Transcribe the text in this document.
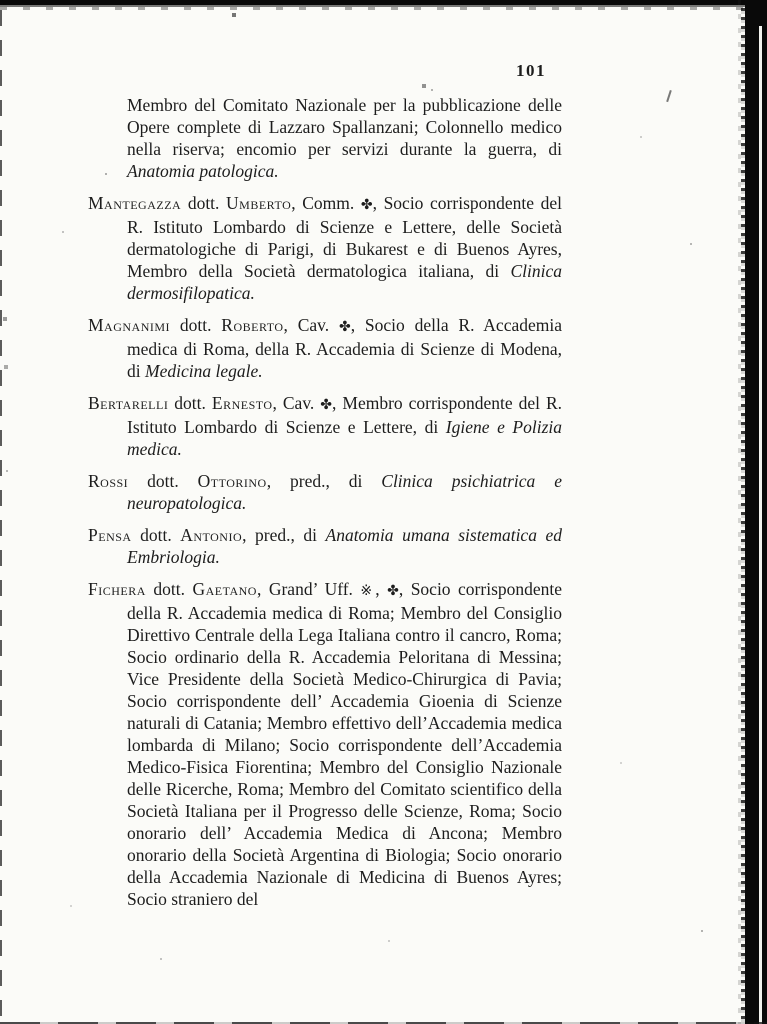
101

Membro del Comitato Nazionale per la pubblicazione delle Opere complete di Lazzaro Spallanzani; Colonnello medico nella riserva; encomio per servizi durante la guerra, di Anatomia patologica.

Mantegazza dott. Umberto, Comm. ✤, Socio corrispondente del R. Istituto Lombardo di Scienze e Lettere, delle Società dermatologiche di Parigi, di Bukarest e di Buenos Ayres, Membro della Società dermatologica italiana, di Clinica dermosifilopatica.

Magnanimi dott. Roberto, Cav. ✤, Socio della R. Accademia medica di Roma, della R. Accademia di Scienze di Modena, di Medicina legale.

Bertarelli dott. Ernesto, Cav. ✤, Membro corrispondente del R. Istituto Lombardo di Scienze e Lettere, di Igiene e Polizia medica.

Rossi dott. Ottorino, pred., di Clinica psichiatrica e neuropatologica.

Pensa dott. Antonio, pred., di Anatomia umana sistematica ed Embriologia.

Fichera dott. Gaetano, Grand’ Uff. ※, ✤, Socio corrispondente della R. Accademia medica di Roma; Membro del Consiglio Direttivo Centrale della Lega Italiana contro il cancro, Roma; Socio ordinario della R. Accademia Peloritana di Messina; Vice Presidente della Società Medico-Chirurgica di Pavia; Socio corrispondente dell’ Accademia Gioenia di Scienze naturali di Catania; Membro effettivo dell’Accademia medica lombarda di Milano; Socio corrispondente dell’Accademia Medico-Fisica Fiorentina; Membro del Consiglio Nazionale delle Ricerche, Roma; Membro del Comitato scientifico della Società Italiana per il Progresso delle Scienze, Roma; Socio onorario dell’ Accademia Medica di Ancona; Membro onorario della Società Argentina di Biologia; Socio onorario della Accademia Nazionale di Medicina di Buenos Ayres; Socio straniero del
